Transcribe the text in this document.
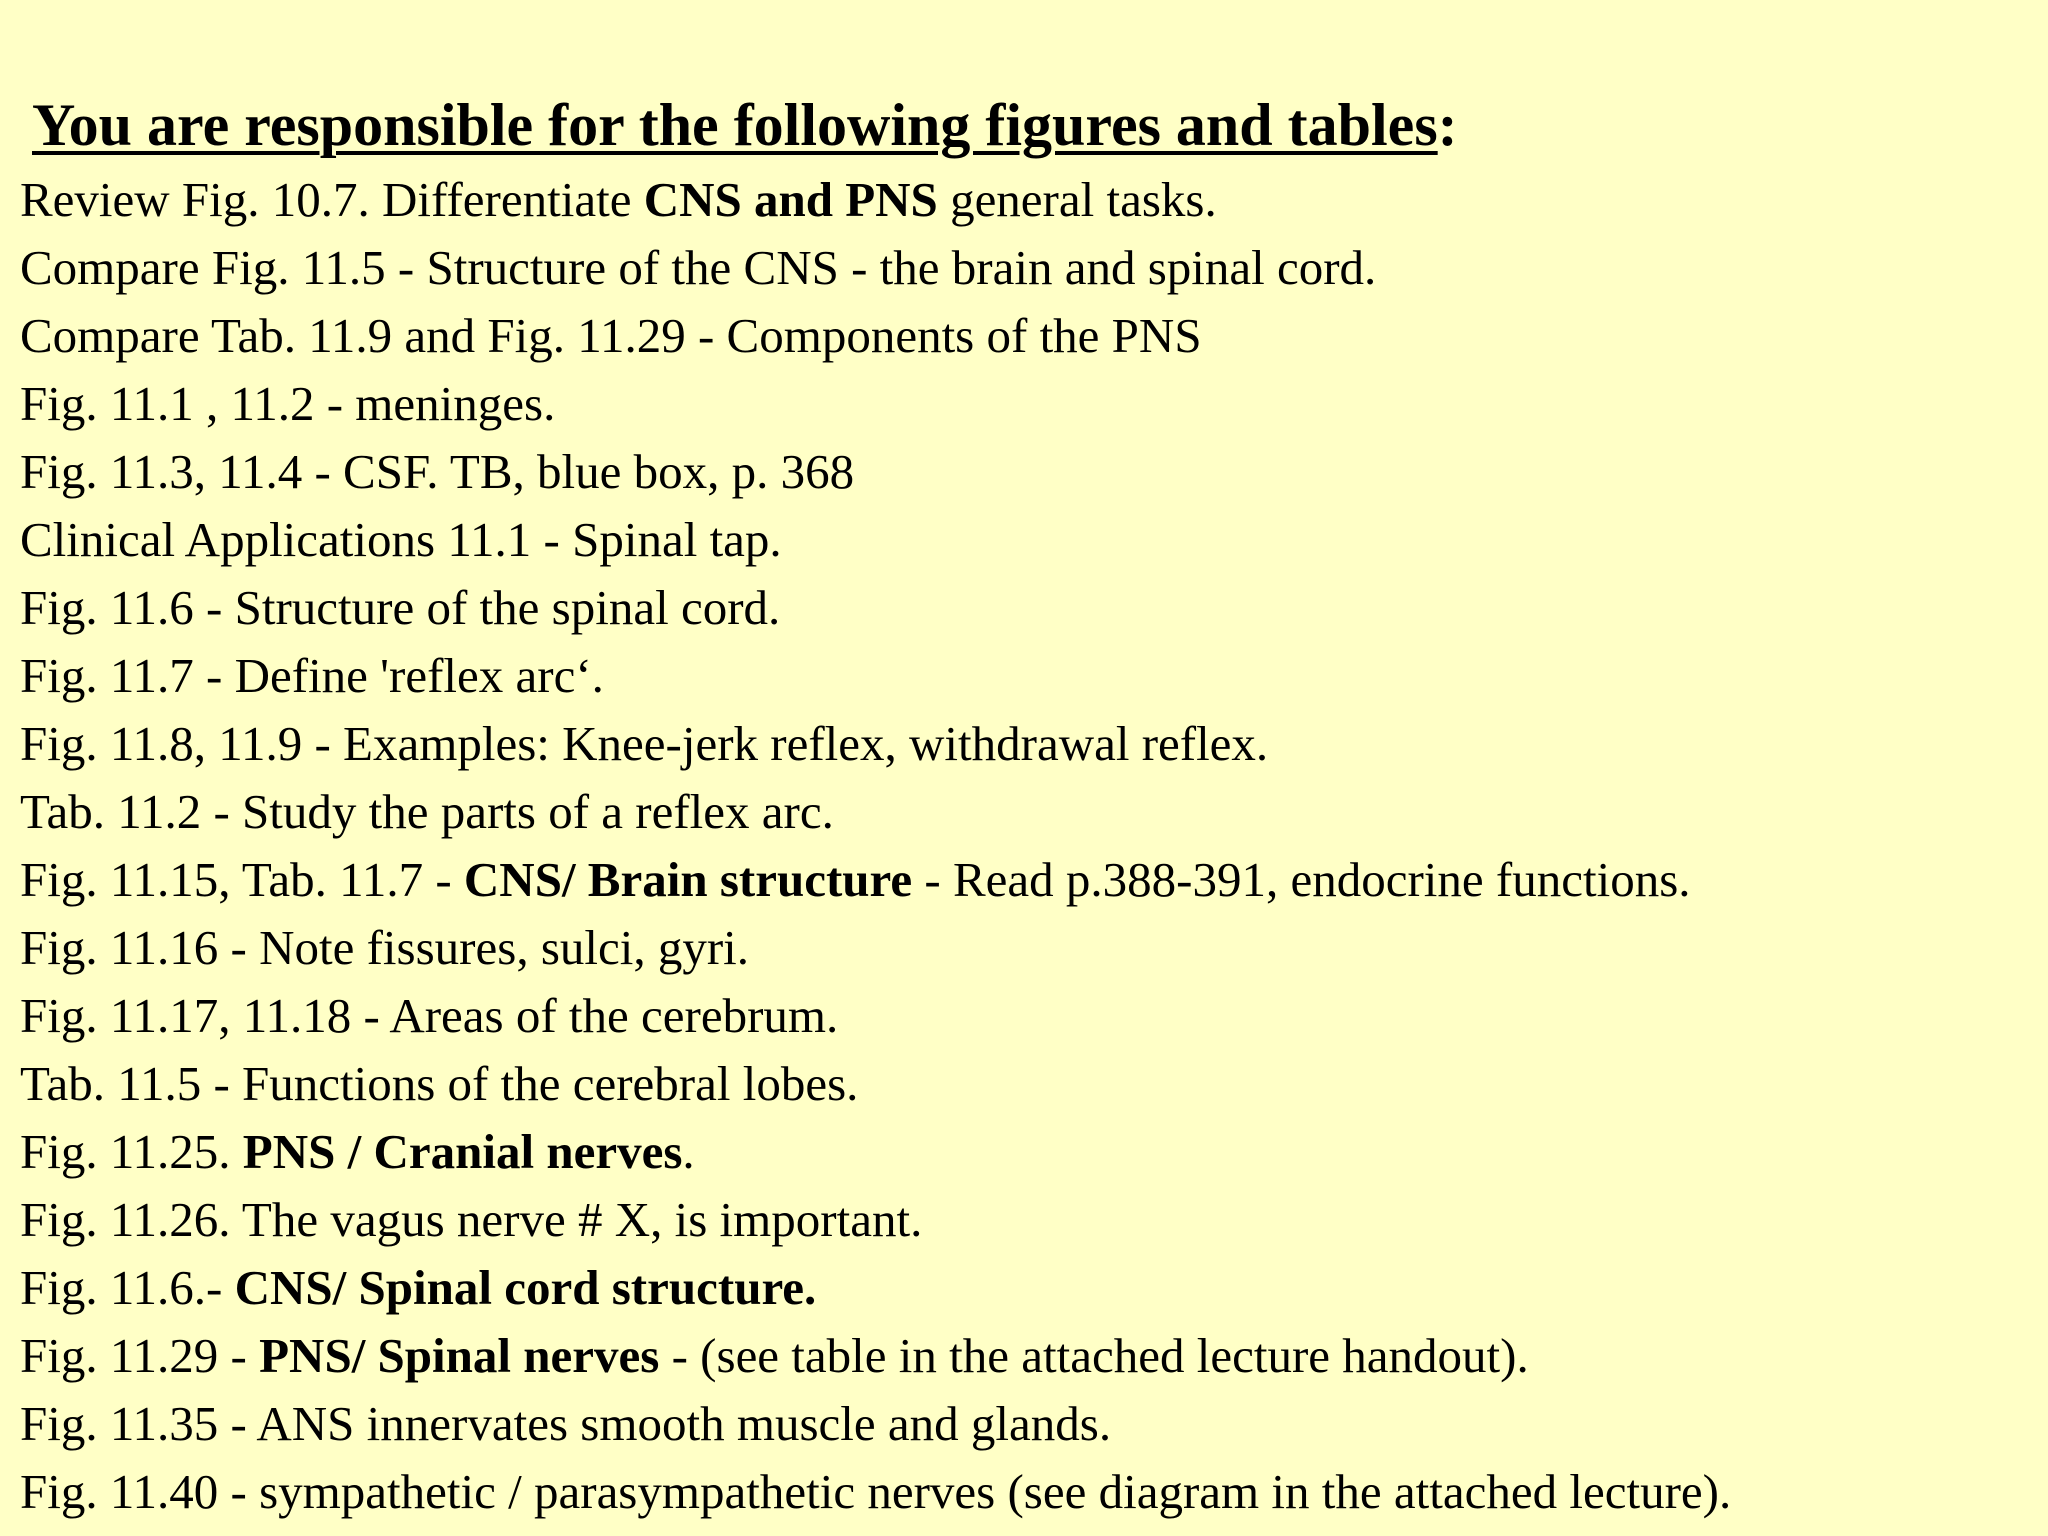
You are responsible for the following figures and tables:
Review Fig. 10.7. Differentiate CNS and PNS general tasks.
Compare Fig. 11.5 - Structure of the CNS - the brain and spinal cord.
Compare Tab. 11.9 and Fig. 11.29 - Components of the PNS
Fig. 11.1 , 11.2 - meninges.
Fig. 11.3, 11.4 - CSF. TB, blue box, p. 368
Clinical Applications 11.1 - Spinal tap.
Fig. 11.6 - Structure of the spinal cord.
Fig. 11.7 - Define 'reflex arc‘.
Fig. 11.8, 11.9 - Examples: Knee-jerk reflex, withdrawal reflex.
Tab. 11.2 - Study the parts of a reflex arc.
Fig. 11.15, Tab. 11.7 - CNS/ Brain structure - Read p.388-391, endocrine functions.
Fig. 11.16 - Note fissures, sulci, gyri.
Fig. 11.17, 11.18 - Areas of the cerebrum.
Tab. 11.5 - Functions of the cerebral lobes.
Fig. 11.25. PNS / Cranial nerves.
Fig. 11.26. The vagus nerve # X, is important.
Fig. 11.6.- CNS/ Spinal cord structure.
Fig. 11.29 - PNS/ Spinal nerves - (see table in the attached lecture handout).
Fig. 11.35 - ANS innervates smooth muscle and glands.
Fig. 11.40 - sympathetic / parasympathetic nerves (see diagram in the attached lecture).
